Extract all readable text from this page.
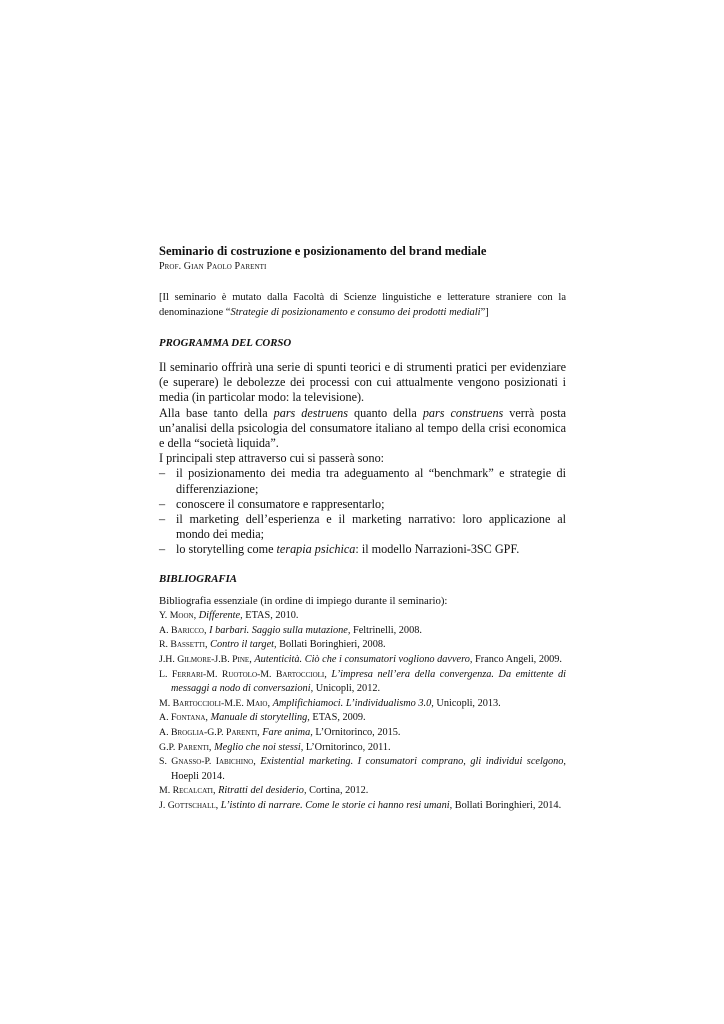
Seminario di costruzione e posizionamento del brand mediale
Prof. Gian Paolo Parenti

[Il seminario è mutato dalla Facoltà di Scienze linguistiche e letterature straniere con la denominazione “Strategie di posizionamento e consumo dei prodotti mediali”]

PROGRAMMA DEL CORSO

Il seminario offrirà una serie di spunti teorici e di strumenti pratici per evidenziare (e superare) le debolezze dei processi con cui attualmente vengono posizionati i media (in particolar modo: la televisione).

Alla base tanto della pars destruens quanto della pars construens verrà posta un’analisi della psicologia del consumatore italiano al tempo della crisi economica e della “società liquida”.

I principali step attraverso cui si passerà sono:

– il posizionamento dei media tra adeguamento al “benchmark” e strategie di differenziazione;
– conoscere il consumatore e rappresentarlo;
– il marketing dell’esperienza e il marketing narrativo: loro applicazione al mondo dei media;
– lo storytelling come terapia psichica: il modello Narrazioni-3SC GPF.
BIBLIOGRAFIA

Bibliografia essenziale (in ordine di impiego durante il seminario):

Y. Moon, Differente, ETAS, 2010.
A. Baricco, I barbari. Saggio sulla mutazione, Feltrinelli, 2008.
R. Bassetti, Contro il target, Bollati Boringhieri, 2008.
J.H. Gilmore-J.B. Pine, Autenticità. Ciò che i consumatori vogliono davvero, Franco Angeli, 2009.
L. Ferrari-M. Ruotolo-M. Bartoccioli, L’impresa nell’era della convergenza. Da emittente di messaggi a nodo di conversazioni, Unicopli, 2012.
M. Bartoccioli-M.E. Maio, Amplifichiamoci. L’individualismo 3.0, Unicopli, 2013.
A. Fontana, Manuale di storytelling, ETAS, 2009.
A. Broglia-G.P. Parenti, Fare anima, L’Ornitorinco, 2015.
G.P. Parenti, Meglio che noi stessi, L’Ornitorinco, 2011.
S. Gnasso-P. Iabichino, Existential marketing. I consumatori comprano, gli individui scelgono, Hoepli 2014.
M. Recalcati, Ritratti del desiderio, Cortina, 2012.
J. Gottschall, L’istinto di narrare. Come le storie ci hanno resi umani, Bollati Boringhieri, 2014.
